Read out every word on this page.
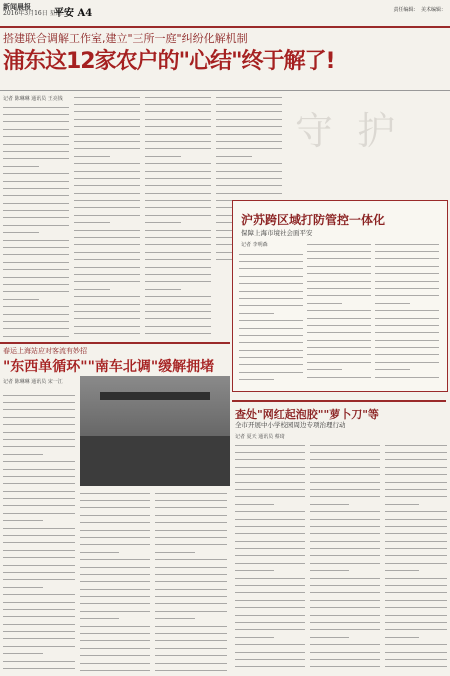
新闻晨报
2016年3月16日 星期三
平安 A4	责任编辑：　美术编辑：
搭建联合调解工作室,建立"三所一庭"纠纷化解机制
浦东这12家农户的"心结"终于解了!
记者 陈琳琳 通讯员 王亮钱
守 护
沪苏跨区域打防管控一体化
保障上海市境社会面平安
记者 李明森
春运上海站应对客流有妙招
"东西单循环""南车北调"缓解拥堵
记者 陈琳琳 通讯员 宋一江
查处"网红起泡胶""萝卜刀"等
全市开展中小学校园周边专项治理行动
记者 夏天 通讯员 蔡琦
